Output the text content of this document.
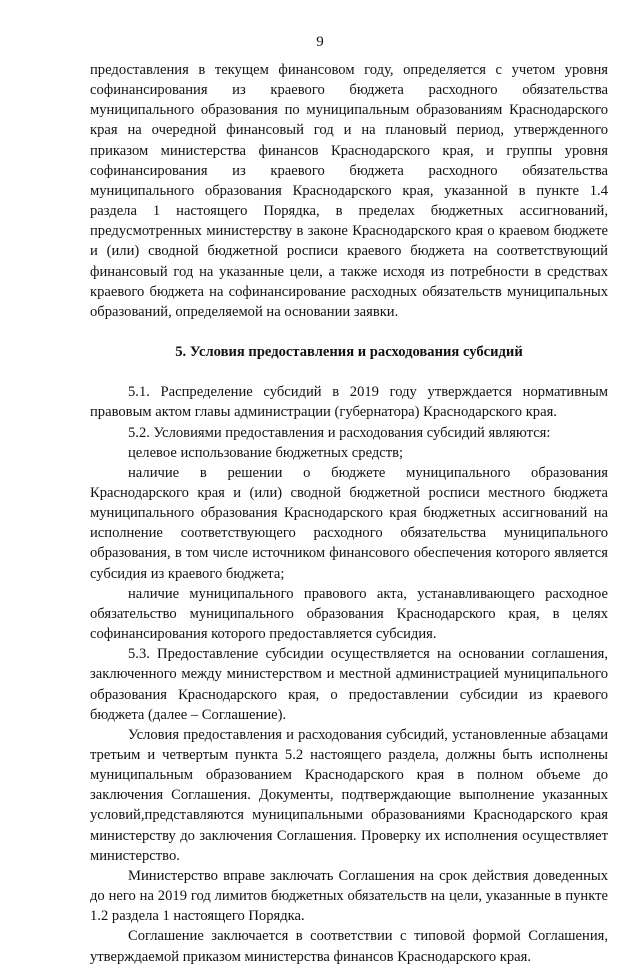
9

предоставления в текущем финансовом году, определяется с учетом уровня софинансирования из краевого бюджета расходного обязательства муниципального образования по муниципальным образованиям Краснодарского края на очередной финансовый год и на плановый период, утвержденного приказом министерства финансов Краснодарского края, и группы уровня софинансирования из краевого бюджета расходного обязательства муниципального образования Краснодарского края, указанной в пункте 1.4 раздела 1 настоящего Порядка, в пределах бюджетных ассигнований, предусмотренных министерству в законе Краснодарского края о краевом бюджете и (или) сводной бюджетной росписи краевого бюджета на соответствующий финансовый год на указанные цели, а также исходя из потребности в средствах краевого бюджета на софинансирование расходных обязательств муниципальных образований, определяемой на основании заявки.

5. Условия предоставления и расходования субсидий

5.1. Распределение субсидий в 2019 году утверждается нормативным правовым актом главы администрации (губернатора) Краснодарского края.

5.2. Условиями предоставления и расходования субсидий являются:

целевое использование бюджетных средств;

наличие в решении о бюджете муниципального образования Краснодарского края и (или) сводной бюджетной росписи местного бюджета муниципального образования Краснодарского края бюджетных ассигнований на исполнение соответствующего расходного обязательства муниципального образования, в том числе источником финансового обеспечения которого является субсидия из краевого бюджета;

наличие муниципального правового акта, устанавливающего расходное обязательство муниципального образования Краснодарского края, в целях софинансирования которого предоставляется субсидия.

5.3. Предоставление субсидии осуществляется на основании соглашения, заключенного между министерством и местной администрацией муниципального образования Краснодарского края, о предоставлении субсидии из краевого бюджета (далее – Соглашение).

Условия предоставления и расходования субсидий, установленные абзацами третьим и четвертым пункта 5.2 настоящего раздела, должны быть исполнены муниципальным образованием Краснодарского края в полном объеме до заключения Соглашения. Документы, подтверждающие выполнение указанных условий,представляются муниципальными образованиями Краснодарского края министерству до заключения Соглашения. Проверку их исполнения осуществляет министерство.

Министерство вправе заключать Соглашения на срок действия доведенных до него на 2019 год лимитов бюджетных обязательств на цели, указанные в пункте 1.2 раздела 1 настоящего Порядка.

Соглашение заключается в соответствии с типовой формой Соглашения, утверждаемой приказом министерства финансов Краснодарского края.
